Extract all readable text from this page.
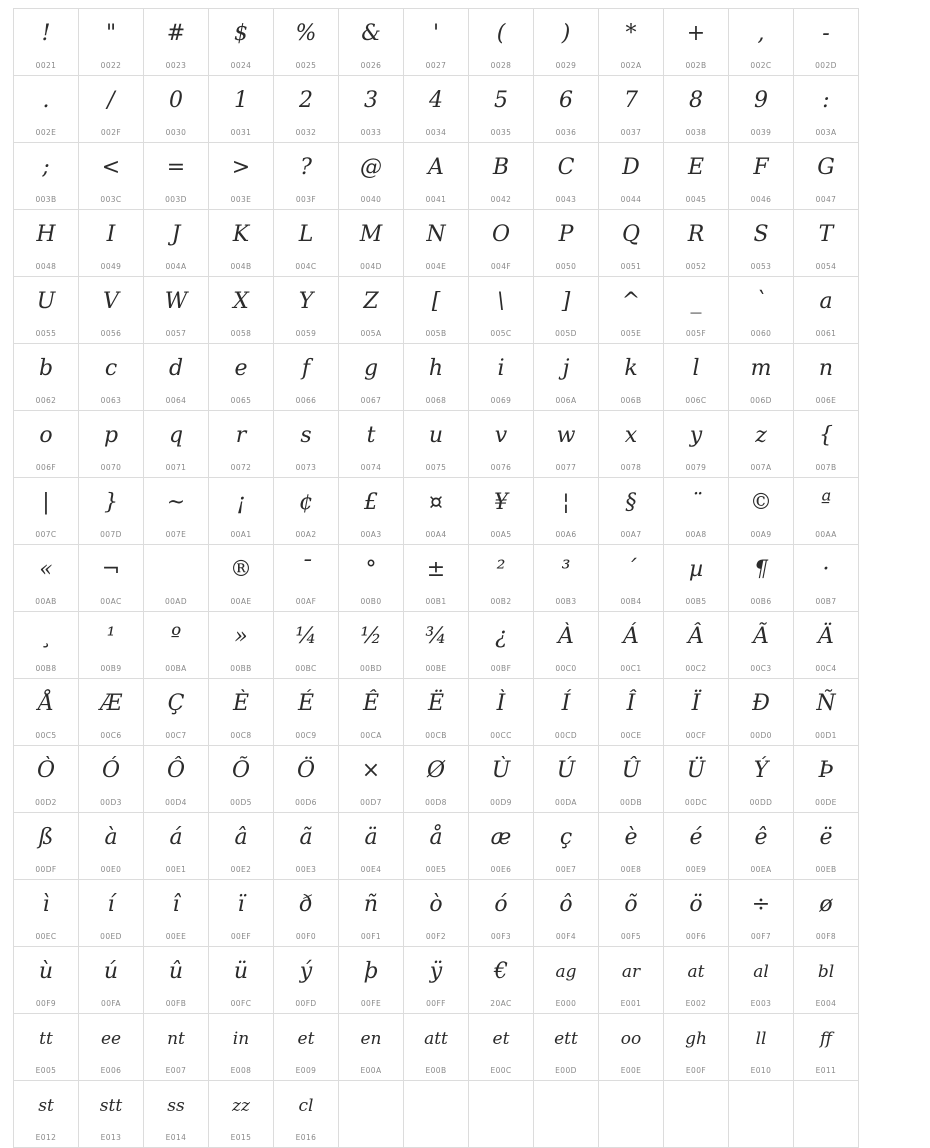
!
0021
"
0022
#
0023
$
0024
%
0025
&
0026
'
0027
(
0028
)
0029
*
002A
+
002B
,
002C
-
002D
.
002E
/
002F
0
0030
1
0031
2
0032
3
0033
4
0034
5
0035
6
0036
7
0037
8
0038
9
0039
:
003A
;
003B
<
003C
=
003D
>
003E
?
003F
@
0040
A
0041
B
0042
C
0043
D
0044
E
0045
F
0046
G
0047
H
0048
I
0049
J
004A
K
004B
L
004C
M
004D
N
004E
O
004F
P
0050
Q
0051
R
0052
S
0053
T
0054
U
0055
V
0056
W
0057
X
0058
Y
0059
Z
005A
[
005B
\
005C
]
005D
^
005E
_
005F
`
0060
a
0061
b
0062
c
0063
d
0064
e
0065
f
0066
g
0067
h
0068
i
0069
j
006A
k
006B
l
006C
m
006D
n
006E
o
006F
p
0070
q
0071
r
0072
s
0073
t
0074
u
0075
v
0076
w
0077
x
0078
y
0079
z
007A
{
007B
|
007C
}
007D
~
007E
¡
00A1
¢
00A2
£
00A3
¤
00A4
¥
00A5
¦
00A6
§
00A7
¨
00A8
©
00A9
ª
00AA
«
00AB
¬
00AC	00AD
®
00AE
¯
00AF
°
00B0
±
00B1
²
00B2
³
00B3
´
00B4
µ
00B5
¶
00B6
·
00B7
¸
00B8
¹
00B9
º
00BA
»
00BB
¼
00BC
½
00BD
¾
00BE
¿
00BF
À
00C0
Á
00C1
Â
00C2
Ã
00C3
Ä
00C4
Å
00C5
Æ
00C6
Ç
00C7
È
00C8
É
00C9
Ê
00CA
Ë
00CB
Ì
00CC
Í
00CD
Î
00CE
Ï
00CF
Ð
00D0
Ñ
00D1
Ò
00D2
Ó
00D3
Ô
00D4
Õ
00D5
Ö
00D6
×
00D7
Ø
00D8
Ù
00D9
Ú
00DA
Û
00DB
Ü
00DC
Ý
00DD
Þ
00DE
ß
00DF
à
00E0
á
00E1
â
00E2
ã
00E3
ä
00E4
å
00E5
æ
00E6
ç
00E7
è
00E8
é
00E9
ê
00EA
ë
00EB
ì
00EC
í
00ED
î
00EE
ï
00EF
ð
00F0
ñ
00F1
ò
00F2
ó
00F3
ô
00F4
õ
00F5
ö
00F6
÷
00F7
ø
00F8
ù
00F9
ú
00FA
û
00FB
ü
00FC
ý
00FD
þ
00FE
ÿ
00FF
€
20AC
ag
E000
ar
E001
at
E002
al
E003
bl
E004
tt
E005
ee
E006
nt
E007
in
E008
et
E009
en
E00A
att
E00B
et
E00C
ett
E00D
oo
E00E
gh
E00F
ll
E010
ff
E011
st
E012
stt
E013
ss
E014
zz
E015
cl
E016
